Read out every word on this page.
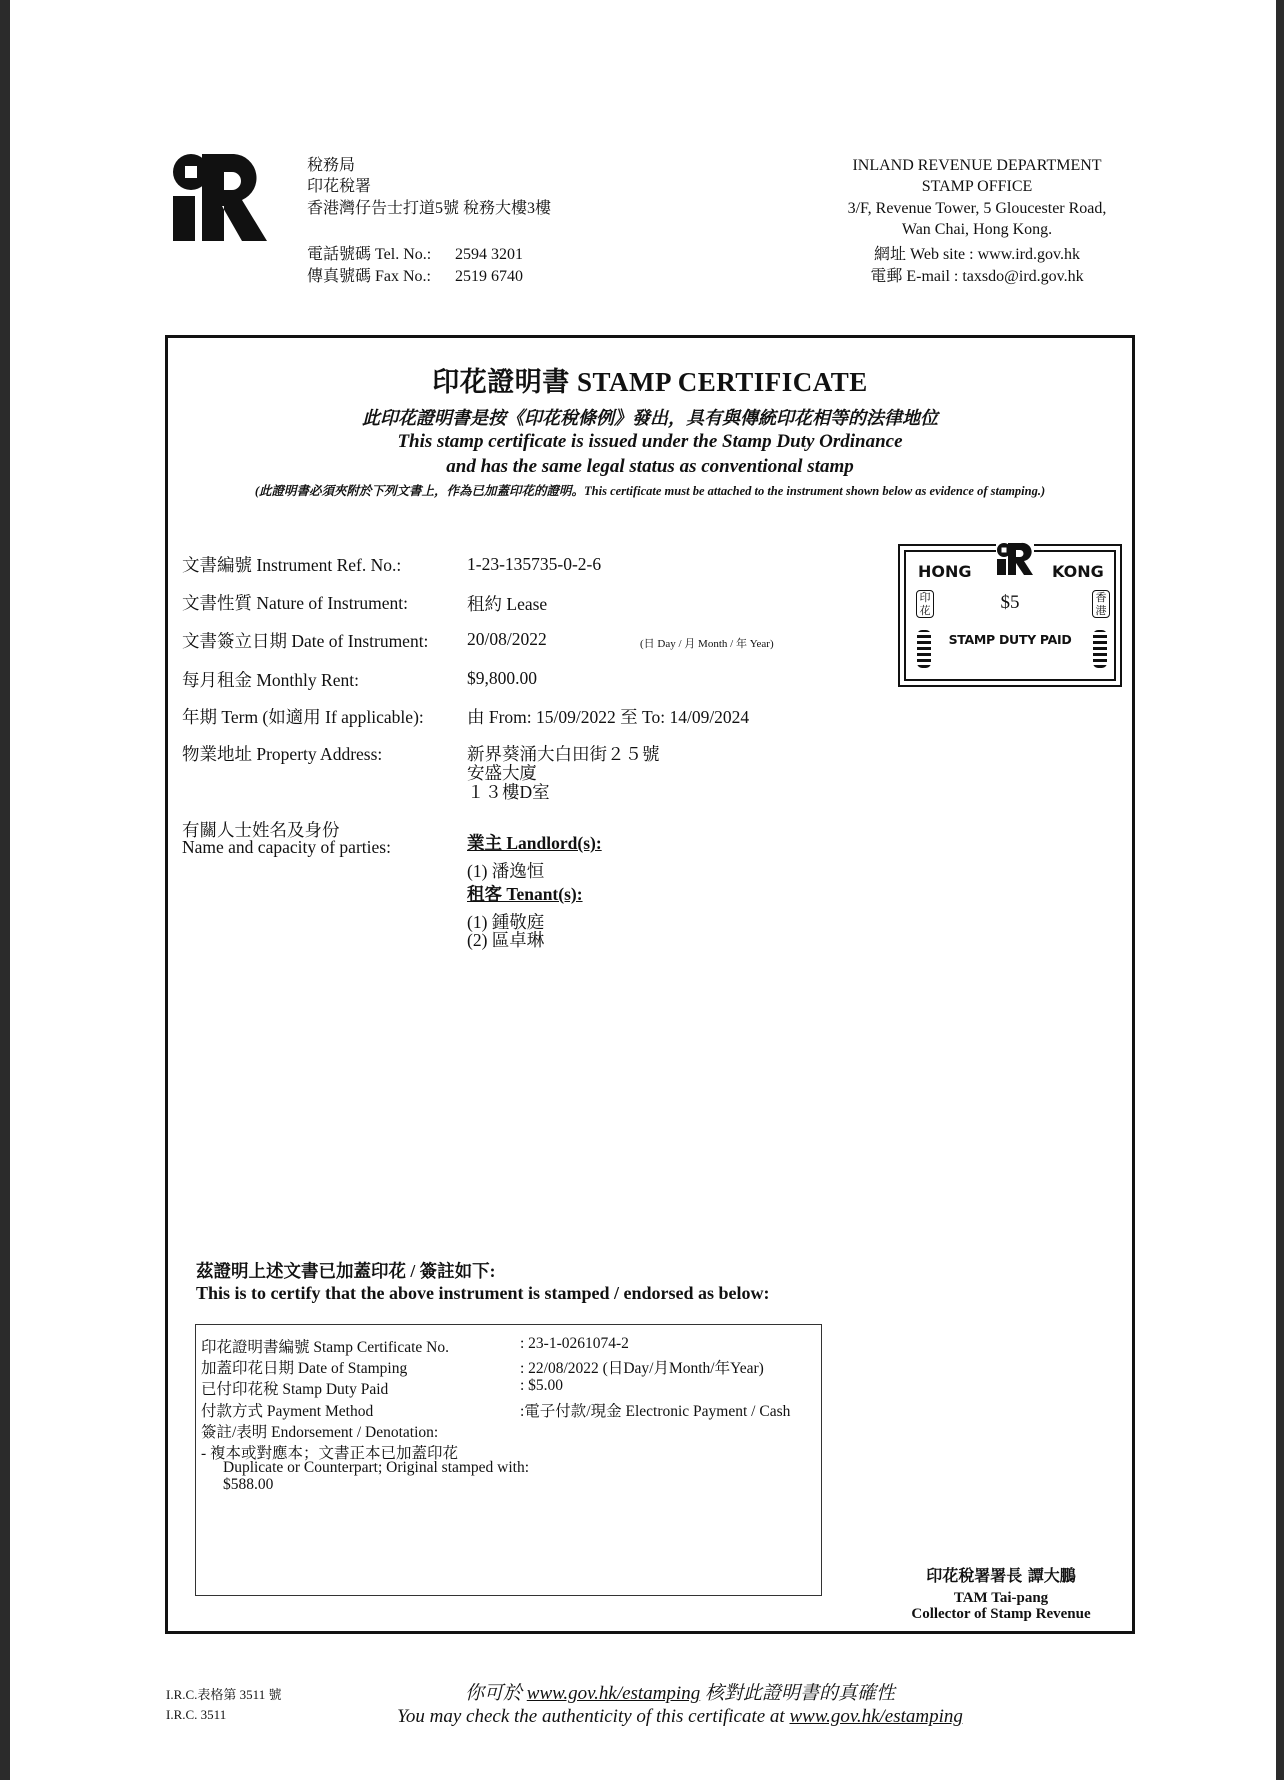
稅務局
印花稅署
香港灣仔告士打道5號 稅務大樓3樓
電話號碼 Tel. No.: 2594 3201
傳真號碼 Fax No.: 2519 6740
INLAND REVENUE DEPARTMENT
STAMP OFFICE
3/F, Revenue Tower, 5 Gloucester Road,
Wan Chai, Hong Kong.
網址 Web site : www.ird.gov.hk
電郵 E-mail : taxsdo@ird.gov.hk
印花證明書 STAMP CERTIFICATE
此印花證明書是按《印花稅條例》發出，具有與傳統印花相等的法律地位
This stamp certificate is issued under the Stamp Duty Ordinance
and has the same legal status as conventional stamp
(此證明書必須夾附於下列文書上，作為已加蓋印花的證明。This certificate must be attached to the instrument shown below as evidence of stamping.)
文書編號 Instrument Ref. No.:	1-23-135735-0-2-6
文書性質 Nature of Instrument:	租約 Lease
文書簽立日期 Date of Instrument: 20/08/2022	(日 Day / 月 Month / 年 Year)
每月租金 Monthly Rent:	$9,800.00
年期 Term (如適用 If applicable): 由 From: 15/09/2022 至 To: 14/09/2024
物業地址 Property Address:	新界葵涌大白田街２５號
安盛大廈
１３樓D室
有關人士姓名及身份
Name and capacity of parties:	業主 Landlord(s):
(1) 潘逸恒
租客 Tenant(s):
(1) 鍾敬庭
(2) 區卓琳
HONG	KONG
印花
香港
$5
STAMP DUTY PAID
茲證明上述文書已加蓋印花 / 簽註如下:
This is to certify that the above instrument is stamped / endorsed as below:
印花證明書編號 Stamp Certificate No.	: 23-1-0261074-2
加蓋印花日期 Date of Stamping	: 22/08/2022 (日Day/月Month/年Year)
已付印花稅 Stamp Duty Paid	: $5.00
付款方式 Payment Method	:電子付款/現金 Electronic Payment / Cash
簽註/表明 Endorsement / Denotation:
- 複本或對應本；文書正本已加蓋印花
Duplicate or Counterpart; Original stamped with:
$588.00
印花稅署署長 譚大鵬
TAM Tai-pang
Collector of Stamp Revenue
I.R.C.表格第 3511 號
I.R.C. 3511
你可於 www.gov.hk/estamping 核對此證明書的真確性
You may check the authenticity of this certificate at www.gov.hk/estamping
